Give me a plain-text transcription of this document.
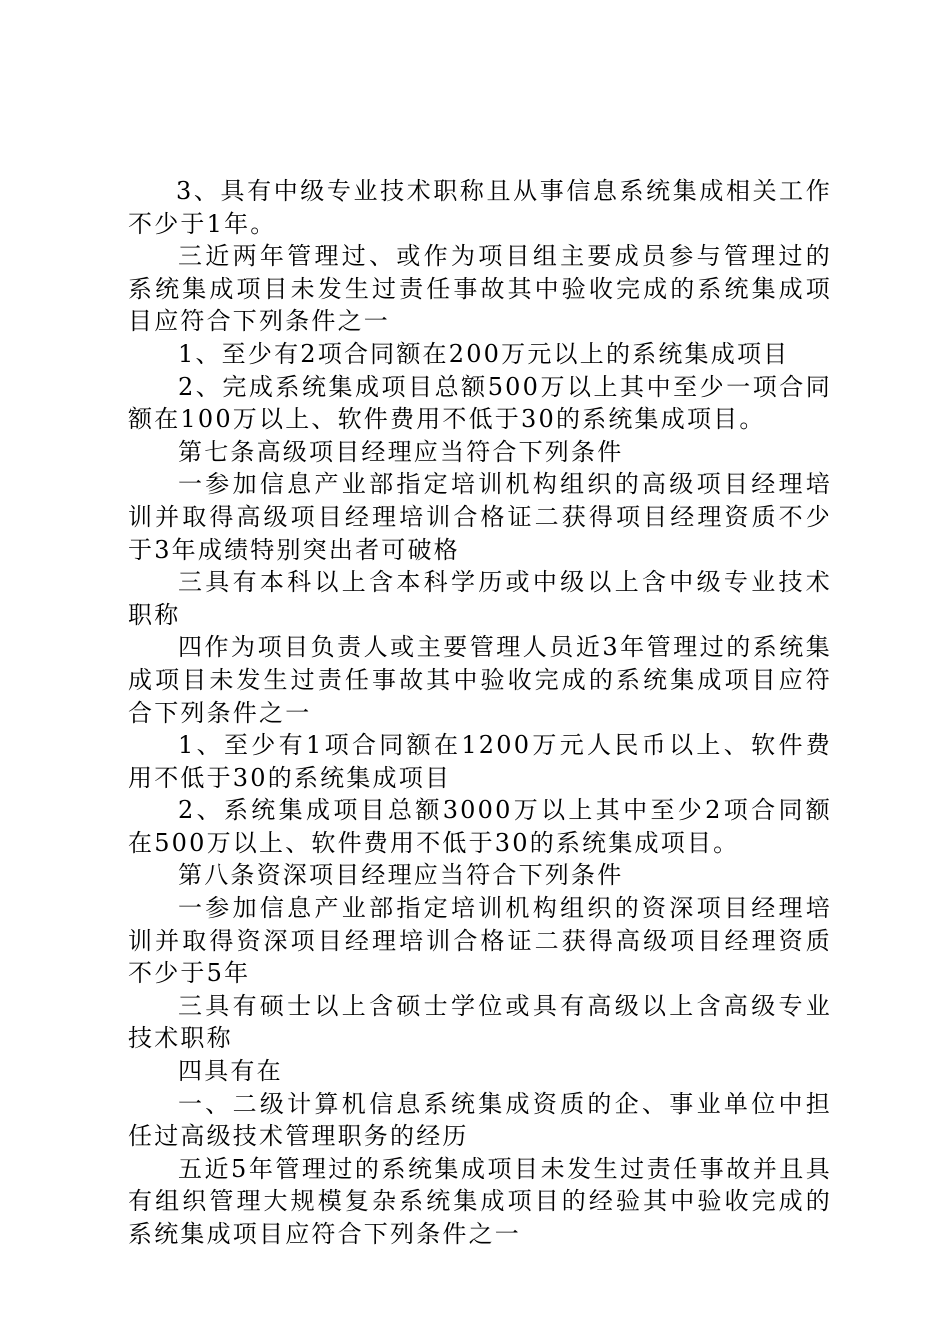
3、具有中级专业技术职称且从事信息系统集成相关工作不少于1年。

三近两年管理过、或作为项目组主要成员参与管理过的系统集成项目未发生过责任事故其中验收完成的系统集成项目应符合下列条件之一

1、至少有2项合同额在200万元以上的系统集成项目

2、完成系统集成项目总额500万以上其中至少一项合同额在100万以上、软件费用不低于30的系统集成项目。

第七条高级项目经理应当符合下列条件

一参加信息产业部指定培训机构组织的高级项目经理培训并取得高级项目经理培训合格证二获得项目经理资质不少于3年成绩特别突出者可破格

三具有本科以上含本科学历或中级以上含中级专业技术职称

四作为项目负责人或主要管理人员近3年管理过的系统集成项目未发生过责任事故其中验收完成的系统集成项目应符合下列条件之一

1、至少有1项合同额在1200万元人民币以上、软件费用不低于30的系统集成项目

2、系统集成项目总额3000万以上其中至少2项合同额在500万以上、软件费用不低于30的系统集成项目。

第八条资深项目经理应当符合下列条件

一参加信息产业部指定培训机构组织的资深项目经理培训并取得资深项目经理培训合格证二获得高级项目经理资质不少于5年

三具有硕士以上含硕士学位或具有高级以上含高级专业技术职称

四具有在

一、二级计算机信息系统集成资质的企、事业单位中担任过高级技术管理职务的经历

五近5年管理过的系统集成项目未发生过责任事故并且具有组织管理大规模复杂系统集成项目的经验其中验收完成的系统集成项目应符合下列条件之一
